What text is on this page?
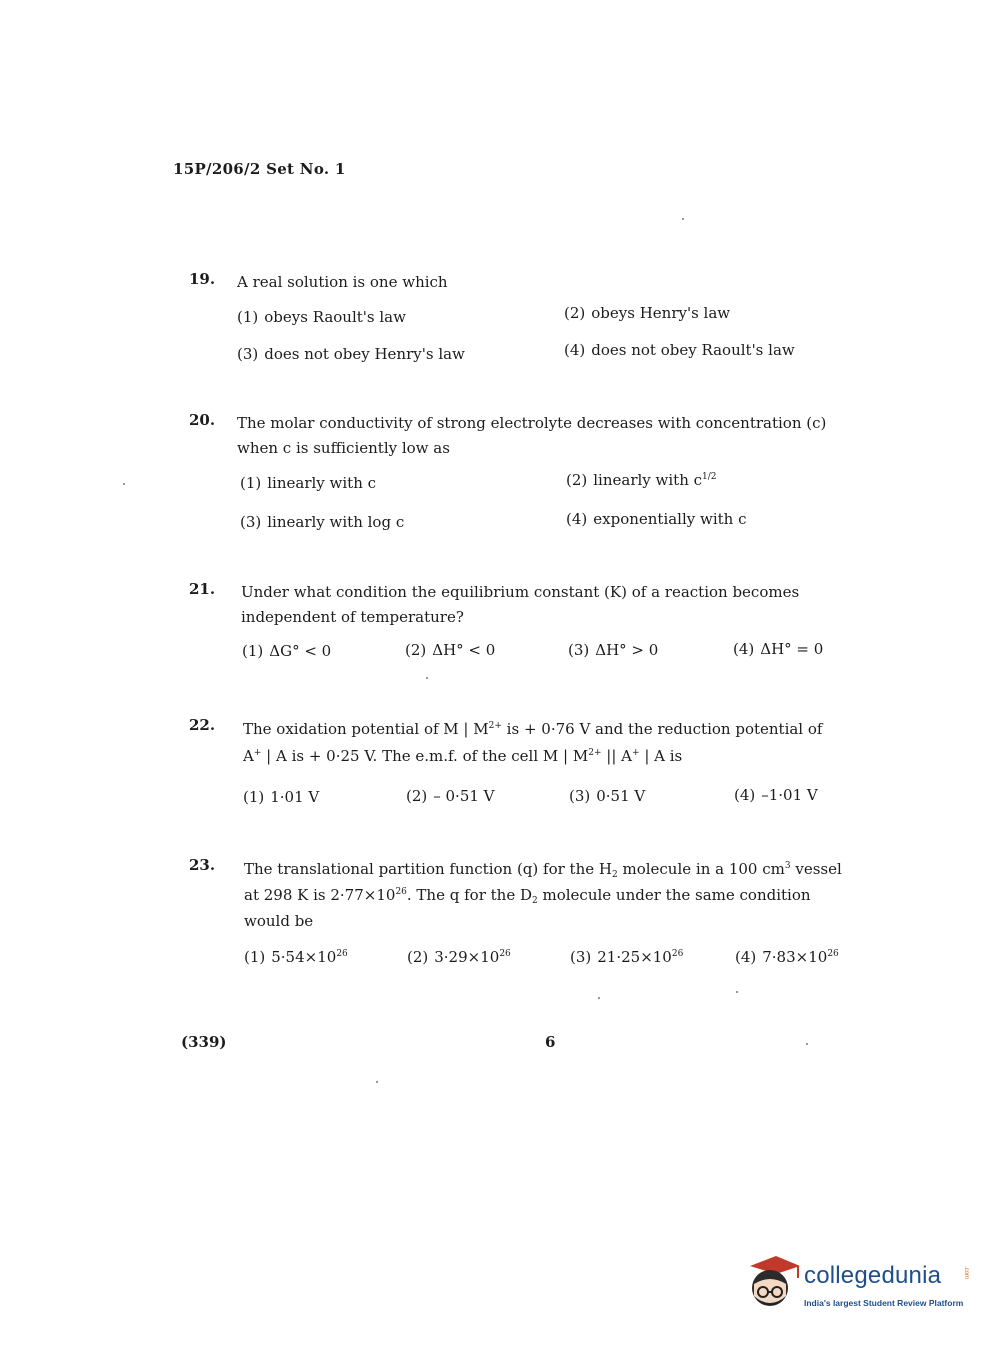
15P/206/2 Set No. 1
19. A real solution is one which
(1) obeys Raoult's law	(2) obeys Henry's law
(3) does not obey Henry's law	(4) does not obey Raoult's law
20. The molar conductivity of strong electrolyte decreases with concentration (c)
when c is sufficiently low as
(1) linearly with c	(2) linearly with $c^{1/2}$
(3) linearly with log c	(4) exponentially with c
21. Under what condition the equilibrium constant (K) of a reaction becomes
independent of temperature?
(1) ΔG° < 0	(2) ΔH° < 0	(3) ΔH° > 0	(4) ΔH° = 0
22. The oxidation potential of M | $M^{2+}$ is + 0·76 V and the reduction potential of
A+ | A is + 0·25 V. The e.m.f. of the cell M | $M^{2+}$ || A+ | A is
(1) 1·01 V	(2) – 0·51 V	(3) 0·51 V	(4) –1·01 V
23. The translational partition function (q) for the $H_2$ molecule in a 100 $cm^3$ vessel
at 298 K is $2\cdot 77\times 10^{26}$. The q for the $D_2$ molecule under the same condition
would be
(1) $5\cdot 54\times 10^{26}$	(2) $3\cdot 29\times 10^{26}$	(3) $21\cdot 25\times 10^{26}$	(4) $7\cdot 83\times 10^{26}$
(339)	6
collegedunia	.com
India's largest Student Review Platform
